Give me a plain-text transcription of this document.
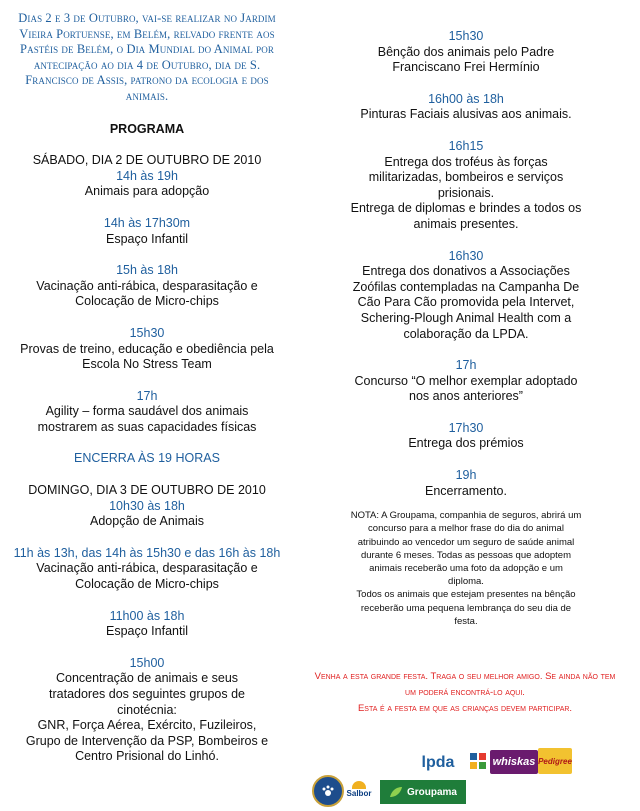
Dias 2 e 3 de Outubro, vai-se realizar no Jardim Vieira Portuense, em Belém, relvado frente aos Pastéis de Belém, o Dia Mundial do Animal por antecipação ao dia 4 de Outubro, dia de S. Francisco de Assis, patrono da ecologia e dos animais.
PROGRAMA
SÁBADO, DIA 2 DE OUTUBRO DE 2010
14h às 19h
Animais para adopção
14h às 17h30m
Espaço Infantil
15h às 18h
Vacinação anti-rábica, desparasitação e Colocação de Micro-chips
15h30
Provas de treino, educação e obediência pela Escola No Stress Team
17h
Agility – forma saudável dos animais mostrarem as suas capacidades físicas
ENCERRA ÀS 19 HORAS
DOMINGO, DIA 3 DE OUTUBRO DE 2010
10h30 às 18h
Adopção de Animais
11h às 13h, das 14h às 15h30 e das 16h às 18h
Vacinação anti-rábica, desparasitação e Colocação de Micro-chips
11h00 às 18h
Espaço Infantil
15h00
Concentração de animais e seus tratadores dos seguintes grupos de cinotécnia:
GNR, Força Aérea, Exército, Fuzileiros, Grupo de Intervenção da PSP, Bombeiros e Centro Prisional do Linhó.
15h30
Bênção dos animais pelo Padre Franciscano Frei Hermínio
16h00 às 18h
Pinturas Faciais alusivas aos animais.
16h15
Entrega dos troféus às forças militarizadas, bombeiros e serviços prisionais.
Entrega de diplomas e brindes a todos os animais presentes.
16h30
Entrega dos donativos a Associações Zoófilas contempladas na Campanha De Cão Para Cão promovida pela Intervet, Schering-Plough Animal Health com a colaboração da LPDA.
17h
Concurso “O melhor exemplar adoptado nos anos anteriores”
17h30
Entrega dos prémios
19h
Encerramento.
NOTA: A Groupama, companhia de seguros, abrirá um concurso para a melhor frase do dia do animal atribuindo ao vencedor um seguro de saúde animal durante 6 meses. Todas as pessoas que adoptem animais receberão uma foto da adopção e um diploma.
Todos os animais que estejam presentes na bênção receberão uma pequena lembrança do seu dia de festa.
Venha a esta grande festa. Traga o seu melhor amigo. Se ainda não tem um poderá encontrá-lo aqui.
Esta é a festa em que as crianças devem participar.
lpda	whiskas Pedigree
Salbor	Groupama
